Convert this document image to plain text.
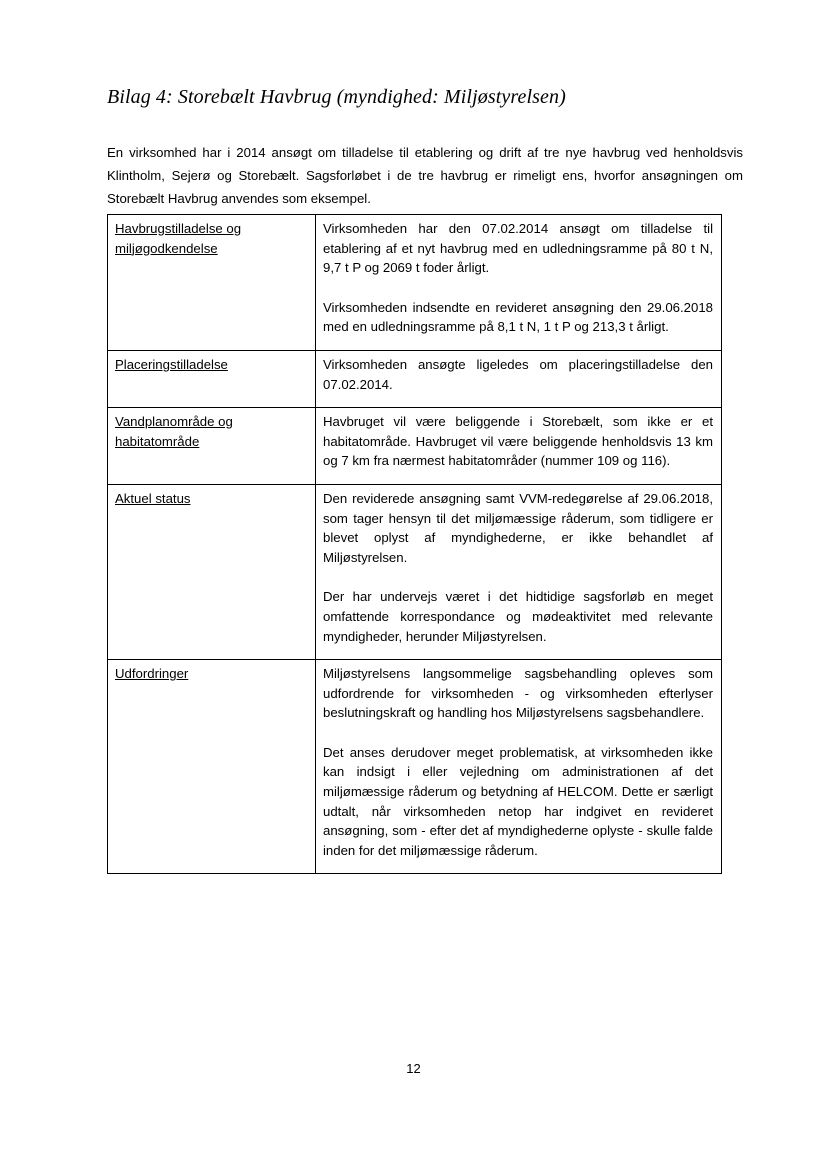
Bilag 4: Storebælt Havbrug (myndighed: Miljøstyrelsen)

En virksomhed har i 2014 ansøgt om tilladelse til etablering og drift af tre nye havbrug ved henholdsvis Klintholm, Sejerø og Storebælt. Sagsforløbet i de tre havbrug er rimeligt ens, hvorfor ansøgningen om Storebælt Havbrug anvendes som eksempel.

Havbrugstilladelse og miljøgodkendelse	Virksomheden har den 07.02.2014 ansøgt om tilladelse til etablering af et nyt havbrug med en udledningsramme på 80 t N, 9,7 t P og 2069 t foder årligt.

Virksomheden indsendte en revideret ansøgning den 29.06.2018 med en udledningsramme på 8,1 t N, 1 t P og 213,3 t årligt.

Placeringstilladelse	Virksomheden ansøgte ligeledes om placeringstilladelse den 07.02.2014.

Vandplanområde og habitatområde	Havbruget vil være beliggende i Storebælt, som ikke er et habitatområde. Havbruget vil være beliggende henholdsvis 13 km og 7 km fra nærmest habitatområder (nummer 109 og 116).

Aktuel status	Den reviderede ansøgning samt VVM-redegørelse af 29.06.2018, som tager hensyn til det miljømæssige råderum, som tidligere er blevet oplyst af myndighederne, er ikke behandlet af Miljøstyrelsen.

Der har undervejs været i det hidtidige sagsforløb en meget omfattende korrespondance og mødeaktivitet med relevante myndigheder, herunder Miljøstyrelsen.

Udfordringer	Miljøstyrelsens langsommelige sagsbehandling opleves som udfordrende for virksomheden - og virksomheden efterlyser beslutningskraft og handling hos Miljøstyrelsens sagsbehandlere.

Det anses derudover meget problematisk, at virksomheden ikke kan indsigt i eller vejledning om administrationen af det miljømæssige råderum og betydning af HELCOM. Dette er særligt udtalt, når virksomheden netop har indgivet en revideret ansøgning, som - efter det af myndighederne oplyste - skulle falde inden for det miljømæssige råderum.

12
